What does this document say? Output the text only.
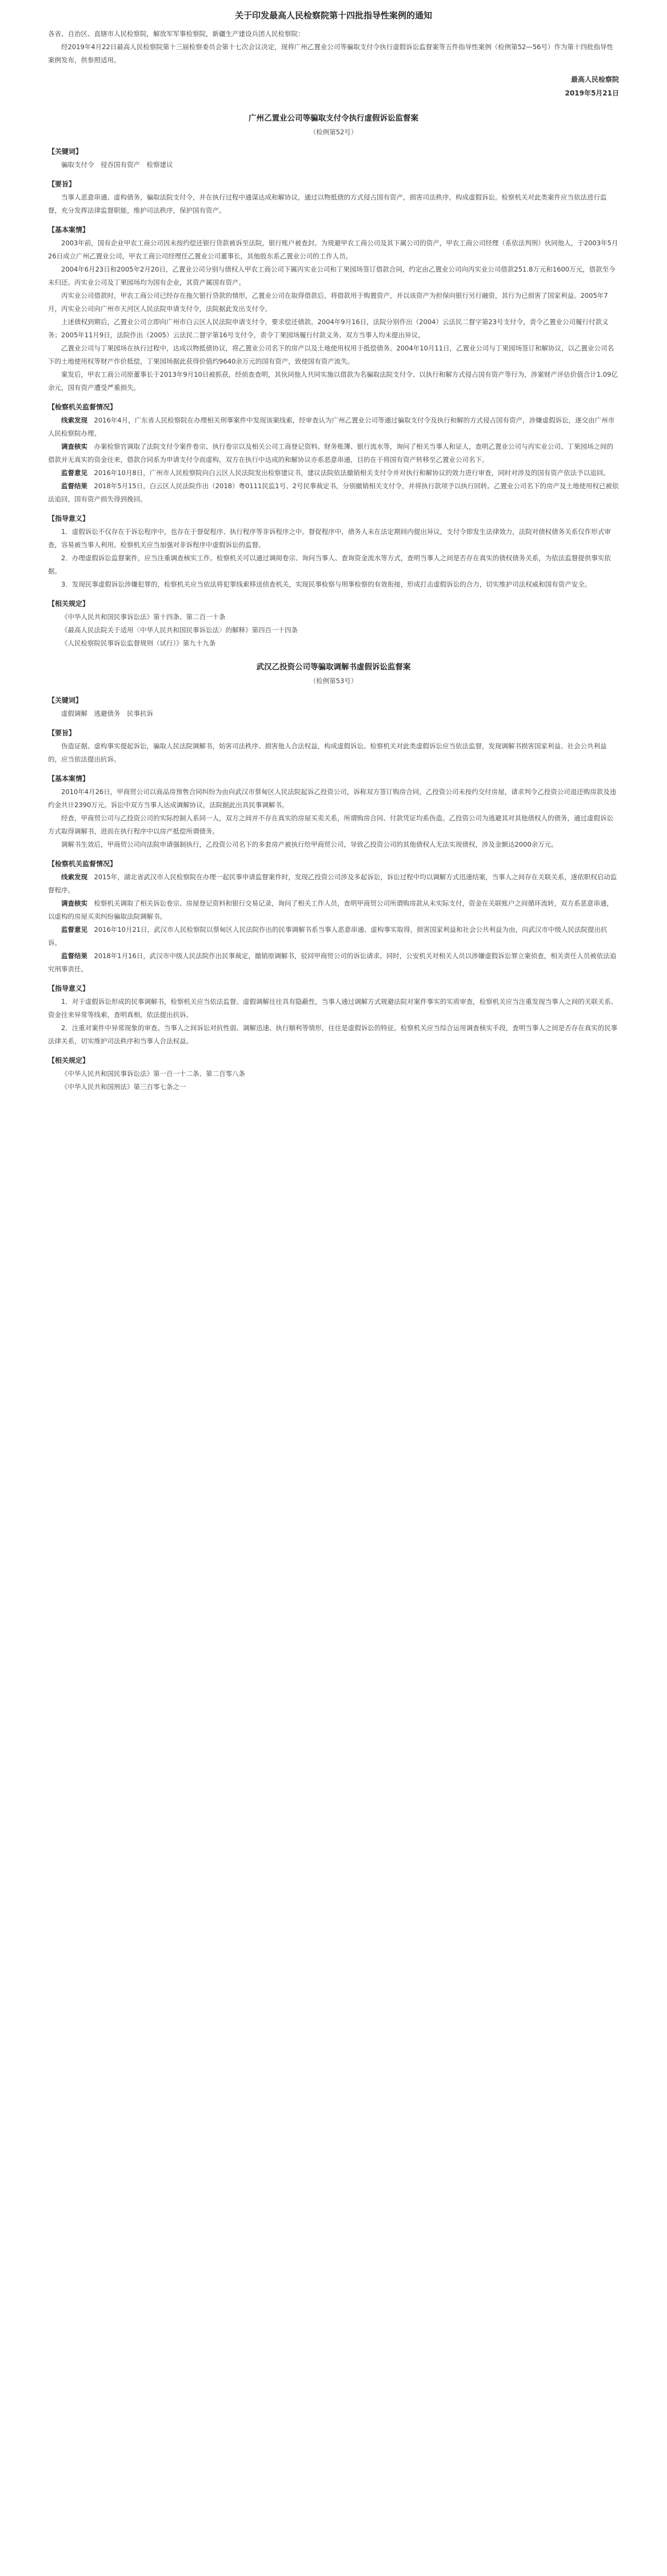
关于印发最高人民检察院第十四批指导性案例的通知
各省、自治区、直辖市人民检察院，解放军军事检察院，新疆生产建设兵团人民检察院：
经2019年4月22日最高人民检察院第十三届检察委员会第十七次会议决定，现将广州乙置业公司等骗取支付令执行虚假诉讼监督案等五件指导性案例（检例第52—56号）作为第十四批指导性案例发布，供参照适用。
最高人民检察院
2019年5月21日
广州乙置业公司等骗取支付令执行虚假诉讼监督案
（检例第52号）
【关键词】
骗取支付令　侵吞国有资产　检察建议
【要旨】
当事人恶意串通、虚构债务，骗取法院支付令，并在执行过程中通谋达成和解协议，通过以物抵债的方式侵占国有资产，损害司法秩序，构成虚假诉讼。检察机关对此类案件应当依法进行监督，充分发挥法律监督职能，维护司法秩序，保护国有资产。
【基本案情】
2003年前，国有企业甲农工商公司因未按约偿还银行贷款被诉至法院，银行账户被查封。为规避甲农工商公司及其下属公司的资产，甲农工商公司经理（系依法判刑）伙同他人，于2003年5月26日成立广州乙置业公司，甲农工商公司经理任乙置业公司董事长，其他股东系乙置业公司的工作人员。
2004年6月23日和2005年2月20日，乙置业公司分别与债权人甲农工商公司下属丙实业公司和丁果园场签订借款合同，约定由乙置业公司向丙实业公司借款251.8万元和1600万元，借款至今未归还。丙实业公司及丁果园场均为国有企业，其资产属国有资产。
丙实业公司借款时，甲农工商公司已经存在拖欠银行贷款的情形，乙置业公司在取得借款后，将借款用于购置资产，并以该资产为担保向银行另行融资，其行为已损害了国家利益。2005年7月，丙实业公司向广州市天河区人民法院申请支付令，法院据此发出支付令。
上述债权到期后，乙置业公司立即向广州市白云区人民法院申请支付令，要求偿还债款。2004年9月16日，法院分别作出（2004）云法民二督字第23号支付令，责令乙置业公司履行付款义务；2005年11月9日，法院作出（2005）云法民二督字第16号支付令，责令丁果园场履行付款义务。双方当事人均未提出异议。
乙置业公司与丁果园场在执行过程中，达成以物抵债协议，将乙置业公司名下的房产以及土地使用权用于抵偿债务。2004年10月11日，乙置业公司与丁果园场签订和解协议，以乙置业公司名下的土地使用权等财产作价抵偿，丁果园场据此获得价值约9640余万元的国有资产，致使国有资产流失。
案发后，甲农工商公司原董事长于2013年9月10日被抓获，经侦查查明，其伙同他人共同实施以借款为名骗取法院支付令、以执行和解方式侵占国有资产等行为，涉案财产评估价值合计1.09亿余元，国有资产遭受严重损失。
【检察机关监督情况】
线索发现　 2016年4月，广东省人民检察院在办理相关刑事案件中发现该案线索，经审查认为广州乙置业公司等通过骗取支付令及执行和解的方式侵占国有资产，涉嫌虚假诉讼，遂交由广州市人民检察院办理。
调查核实　 办案检察官调取了法院支付令案件卷宗、执行卷宗以及相关公司工商登记资料、财务账簿、银行流水等，询问了相关当事人和证人，查明乙置业公司与丙实业公司、丁果园场之间的借款并无真实的资金往来，借款合同系为申请支付令而虚构，双方在执行中达成的和解协议亦系恶意串通，目的在于将国有资产转移至乙置业公司名下。
监督意见　 2016年10月8日，广州市人民检察院向白云区人民法院发出检察建议书，建议法院依法撤销相关支付令并对执行和解协议的效力进行审查，同时对涉及的国有资产依法予以追回。
监督结果　 2018年5月15日，白云区人民法院作出（2018）粤0111民监1号、2号民事裁定书，分别撤销相关支付令，并将执行款项予以执行回转。乙置业公司名下的房产及土地使用权已被依法追回，国有资产损失得到挽回。
【指导意义】
1．虚假诉讼不仅存在于诉讼程序中，也存在于督促程序、执行程序等非诉程序之中。督促程序中，债务人未在法定期间内提出异议，支付令即发生法律效力，法院对债权债务关系仅作形式审查，容易被当事人利用。检察机关应当加强对非诉程序中虚假诉讼的监督。
2．办理虚假诉讼监督案件，应当注重调查核实工作。检察机关可以通过调阅卷宗、询问当事人、查询资金流水等方式，查明当事人之间是否存在真实的债权债务关系，为依法监督提供事实依据。
3．发现民事虚假诉讼涉嫌犯罪的，检察机关应当依法将犯罪线索移送侦查机关，实现民事检察与刑事检察的有效衔接，形成打击虚假诉讼的合力，切实维护司法权威和国有资产安全。
【相关规定】
《中华人民共和国民事诉讼法》第十四条、第二百一十条
《最高人民法院关于适用〈中华人民共和国民事诉讼法〉的解释》第四百一十四条
《人民检察院民事诉讼监督规则（试行）》第九十九条
武汉乙投资公司等骗取调解书虚假诉讼监督案
（检例第53号）
【关键词】
虚假调解　逃避债务　民事抗诉
【要旨】
伪造证据、虚构事实提起诉讼，骗取人民法院调解书，妨害司法秩序、损害他人合法权益，构成虚假诉讼。检察机关对此类虚假诉讼应当依法监督，发现调解书损害国家利益、社会公共利益的，应当依法提出抗诉。
【基本案情】
2010年4月26日，甲商贸公司以商品房预售合同纠纷为由向武汉市蔡甸区人民法院起诉乙投资公司，诉称双方签订购房合同，乙投资公司未按约交付房屋，请求判令乙投资公司退还购房款及违约金共计2390万元。诉讼中双方当事人达成调解协议，法院据此出具民事调解书。
经查，甲商贸公司与乙投资公司的实际控制人系同一人，双方之间并不存在真实的房屋买卖关系，所谓购房合同、付款凭证均系伪造。乙投资公司为逃避其对其他债权人的债务，通过虚假诉讼方式取得调解书，进而在执行程序中以房产抵偿所谓债务。
调解书生效后，甲商贸公司向法院申请强制执行，乙投资公司名下的多套房产被执行给甲商贸公司，导致乙投资公司的其他债权人无法实现债权，涉及金额达2000余万元。
【检察机关监督情况】
线索发现　 2015年，湖北省武汉市人民检察院在办理一起民事申请监督案件时，发现乙投资公司涉及多起诉讼，诉讼过程中均以调解方式迅速结案，当事人之间存在关联关系，遂依职权启动监督程序。
调查核实　 检察机关调取了相关诉讼卷宗、房屋登记资料和银行交易记录，询问了相关工作人员，查明甲商贸公司所谓购房款从未实际支付，资金在关联账户之间循环流转，双方系恶意串通，以虚构的房屋买卖纠纷骗取法院调解书。
监督意见　 2016年10月21日，武汉市人民检察院以蔡甸区人民法院作出的民事调解书系当事人恶意串通、虚构事实取得，损害国家利益和社会公共利益为由，向武汉市中级人民法院提出抗诉。
监督结果　 2018年1月16日，武汉市中级人民法院作出民事裁定，撤销原调解书，驳回甲商贸公司的诉讼请求。同时，公安机关对相关人员以涉嫌虚假诉讼罪立案侦查，相关责任人员被依法追究刑事责任。
【指导意义】
1．对于虚假诉讼形成的民事调解书，检察机关应当依法监督。虚假调解往往具有隐蔽性，当事人通过调解方式规避法院对案件事实的实质审查，检察机关应当注重发现当事人之间的关联关系、资金往来异常等线索，查明真相，依法提出抗诉。
2．注重对案件中异常现象的审查。当事人之间诉讼对抗性弱、调解迅速、执行顺利等情形，往往是虚假诉讼的特征。检察机关应当综合运用调查核实手段，查明当事人之间是否存在真实的民事法律关系，切实维护司法秩序和当事人合法权益。
【相关规定】
《中华人民共和国民事诉讼法》第一百一十二条、第二百零八条
《中华人民共和国刑法》第三百零七条之一
